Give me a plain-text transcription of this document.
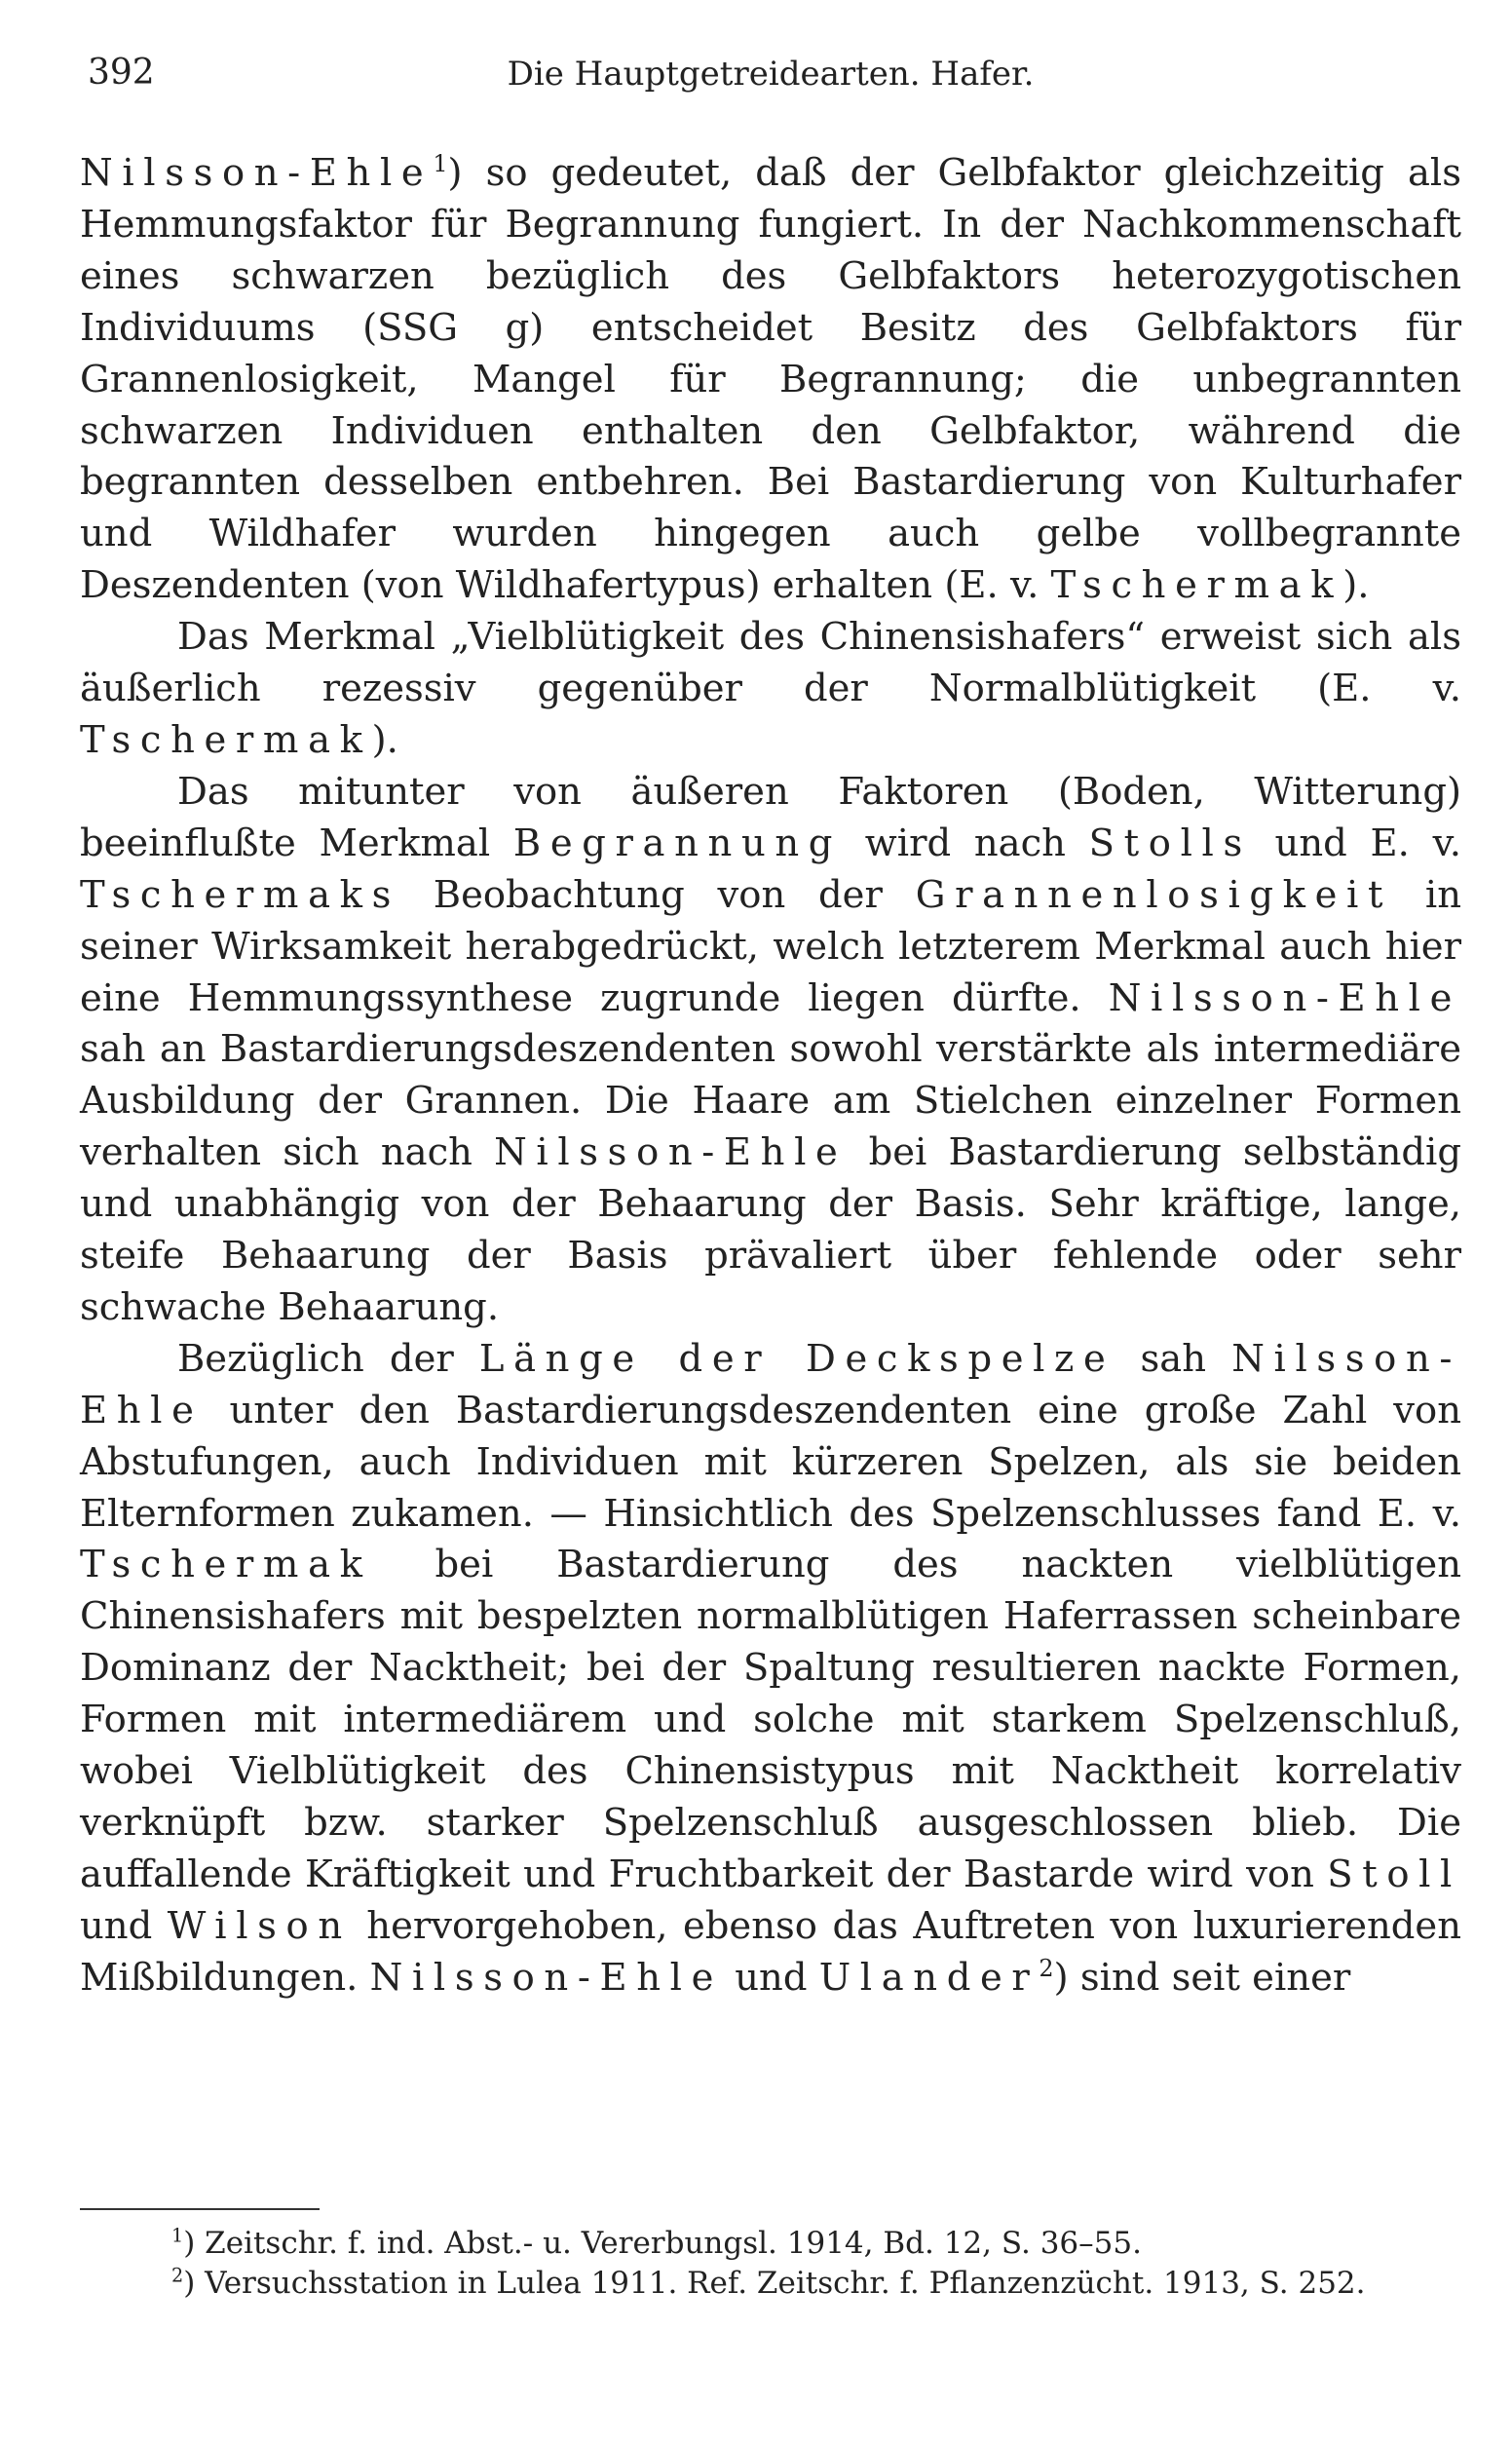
392	Die Hauptgetreidearten. Hafer.

Nilsson-Ehle$^1$) so gedeutet, daß der Gelbfaktor gleichzeitig als Hemmungsfaktor für Begrannung fungiert. In der Nachkommenschaft eines schwarzen bezüglich des Gelbfaktors heterozygotischen Individuums (SSG g) entscheidet Besitz des Gelbfaktors für Grannenlosigkeit, Mangel für Begrannung; die unbegrannten schwarzen Individuen enthalten den Gelbfaktor, während die begrannten desselben entbehren. Bei Bastardierung von Kulturhafer und Wildhafer wurden hingegen auch gelbe vollbegrannte Deszendenten (von Wildhafertypus) erhalten (E. v. Tschermak).

Das Merkmal „Vielblütigkeit des Chinensishafers“ erweist sich als äußerlich rezessiv gegenüber der Normalblütigkeit (E. v. Tschermak).

Das mitunter von äußeren Faktoren (Boden, Witterung) beeinflußte Merkmal Begrannung wird nach Stolls und E. v. Tschermaks Beobachtung von der Grannenlosigkeit in seiner Wirksamkeit herabgedrückt, welch letzterem Merkmal auch hier eine Hemmungssynthese zugrunde liegen dürfte. Nilsson-Ehle sah an Bastardierungsdeszendenten sowohl verstärkte als intermediäre Ausbildung der Grannen. Die Haare am Stielchen einzelner Formen verhalten sich nach Nilsson-Ehle bei Bastardierung selbständig und unabhängig von der Behaarung der Basis. Sehr kräftige, lange, steife Behaarung der Basis prävaliert über fehlende oder sehr schwache Behaarung.

Bezüglich der Länge der Deckspelze sah Nilsson-Ehle unter den Bastardierungsdeszendenten eine große Zahl von Abstufungen, auch Individuen mit kürzeren Spelzen, als sie beiden Elternformen zukamen. — Hinsichtlich des Spelzenschlusses fand E. v. Tschermak bei Bastardierung des nackten vielblütigen Chinensishafers mit bespelzten normalblütigen Haferrassen scheinbare Dominanz der Nacktheit; bei der Spaltung resultieren nackte Formen, Formen mit intermediärem und solche mit starkem Spelzenschluß, wobei Vielblütigkeit des Chinensistypus mit Nacktheit korrelativ verknüpft bzw. starker Spelzenschluß ausgeschlossen blieb. Die auffallende Kräftigkeit und Fruchtbarkeit der Bastarde wird von Stoll und Wilson hervorgehoben, ebenso das Auftreten von luxurierenden Mißbildungen. Nilsson-Ehle und Ulander$^2$) sind seit einer

$^1$) Zeitschr. f. ind. Abst.- u. Vererbungsl. 1914, Bd. 12, S. 36–55.

$^2$) Versuchsstation in Lulea 1911. Ref. Zeitschr. f. Pflanzenzücht. 1913, S. 252.
